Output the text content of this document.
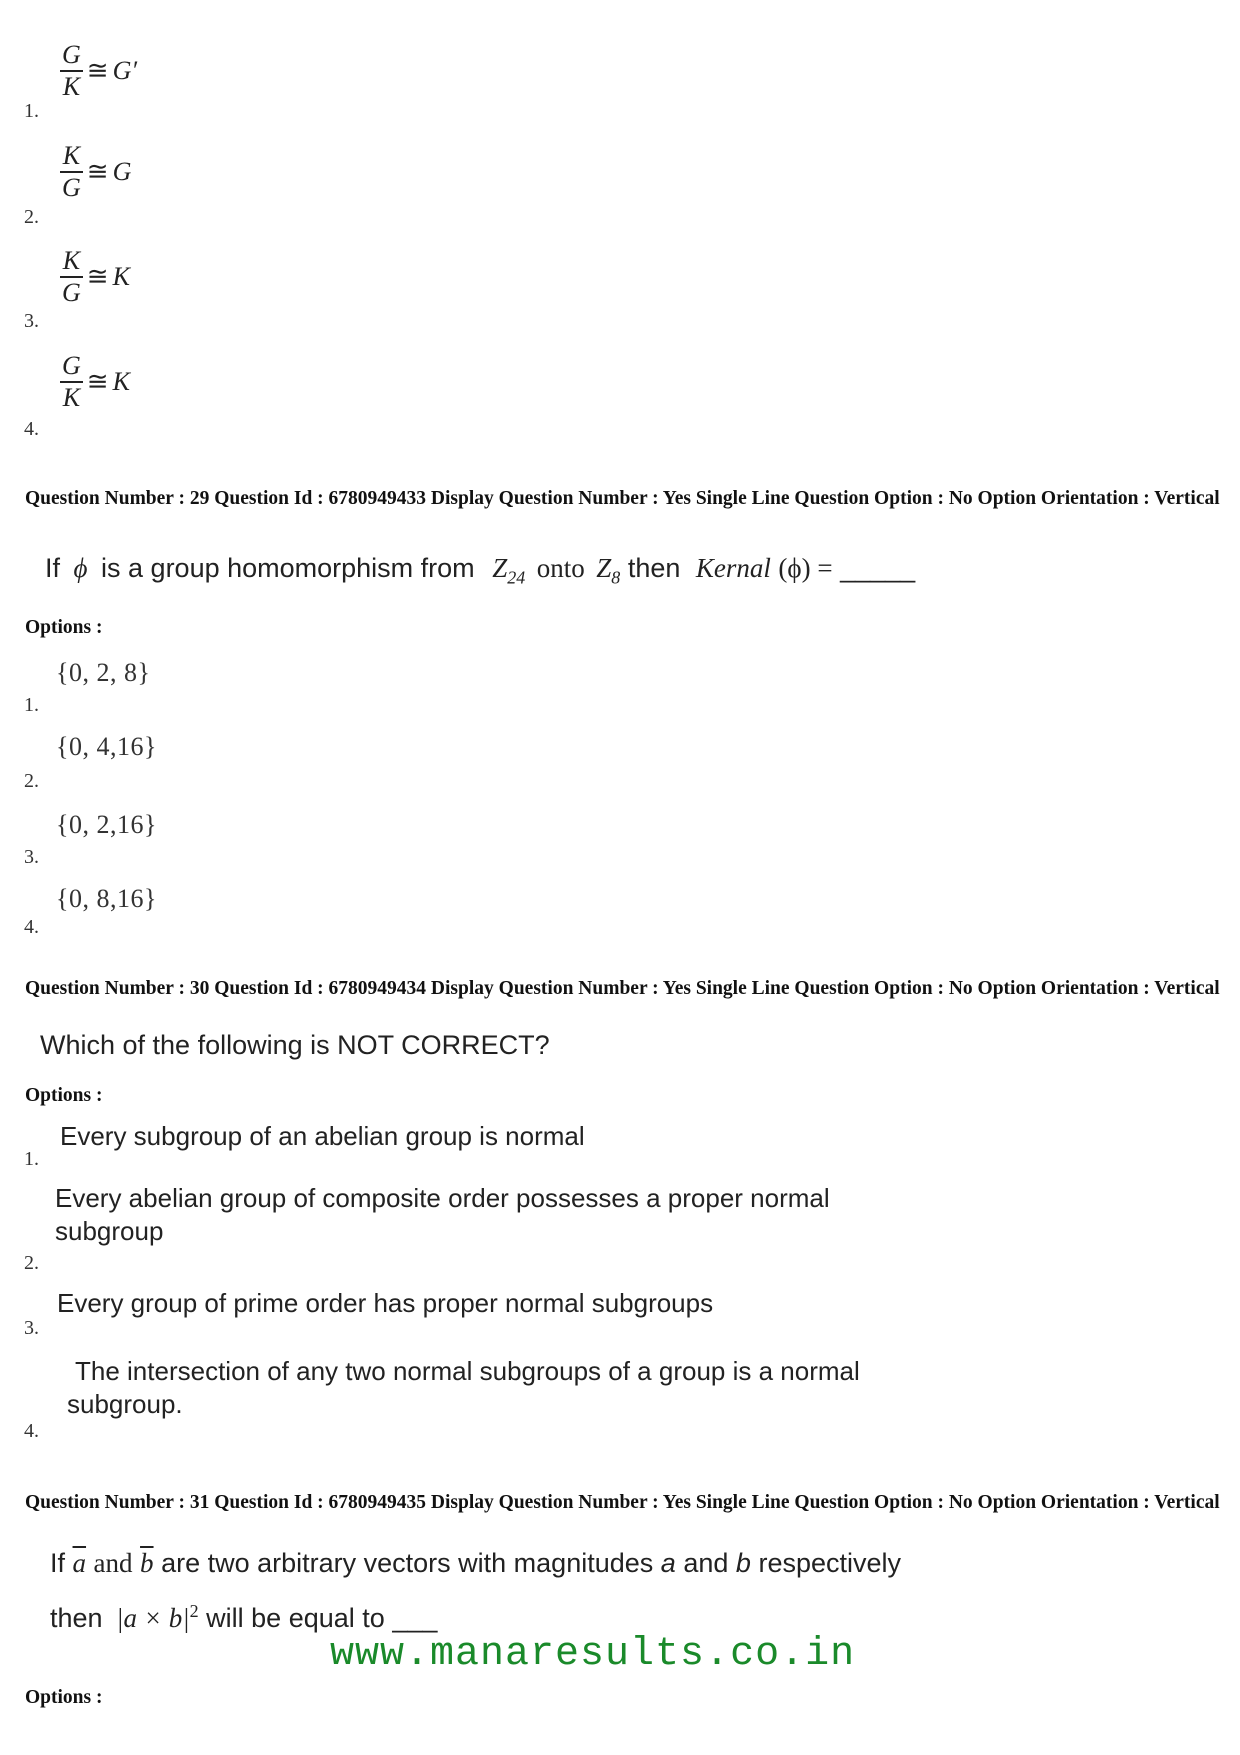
G
K
≅ G′
1.
K
G
≅ G
2.
K
G
≅ K
3.
G
K
≅ K
4.
Question Number : 29 Question Id : 6780949433 Display Question Number : Yes Single Line Question Option : No Option Orientation : Vertical
If ϕ is a group homomorphism from $Z_{24}$ onto $Z_8$ then Kernal (ϕ) = _____
Options :
{0, 2, 8}
1.
{0, 4,16}
2.
{0, 2,16}
3.
{0, 8,16}
4.
Question Number : 30 Question Id : 6780949434 Display Question Number : Yes Single Line Question Option : No Option Orientation : Vertical
Which of the following is NOT CORRECT?
Options :
Every subgroup of an abelian group is normal
1.
Every abelian group of composite order possesses a proper normal subgroup
2.
Every group of prime order has proper normal subgroups
3.
The intersection of any two normal subgroups of a group is a normal subgroup.
4.
Question Number : 31 Question Id : 6780949435 Display Question Number : Yes Single Line Question Option : No Option Orientation : Vertical
If $\overline{a}$ and $\overline{b}$ are two arbitrary vectors with magnitudes a and b respectively
then $|a \times b|^2$ will be equal to ___
www.manaresults.co.in
Options :
